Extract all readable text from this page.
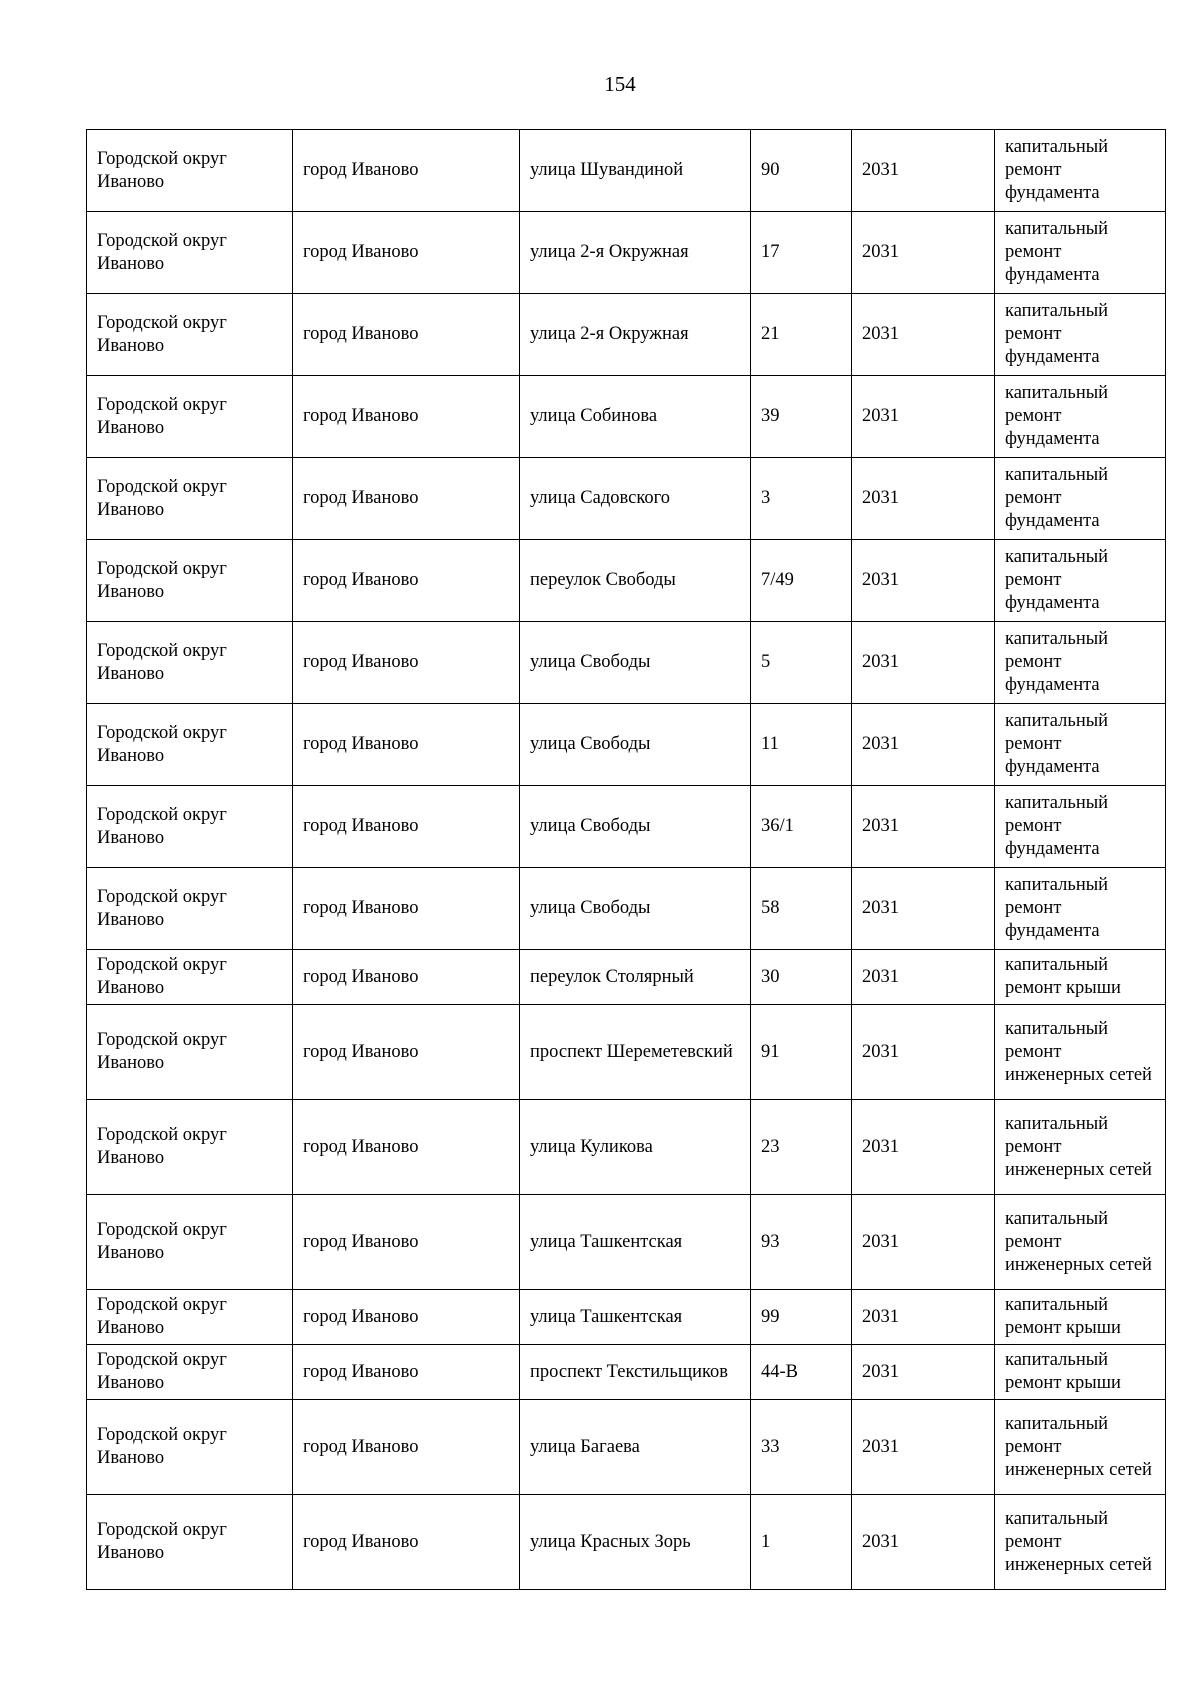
154
Городской округ Иваново	город Иваново	улица Шувандиной	90	2031	капитальный ремонт фундамента
Городской округ Иваново	город Иваново	улица 2-я Окружная	17	2031	капитальный ремонт фундамента
Городской округ Иваново	город Иваново	улица 2-я Окружная	21	2031	капитальный ремонт фундамента
Городской округ Иваново	город Иваново	улица Собинова	39	2031	капитальный ремонт фундамента
Городской округ Иваново	город Иваново	улица Садовского	3	2031	капитальный ремонт фундамента
Городской округ Иваново	город Иваново	переулок Свободы	7/49	2031	капитальный ремонт фундамента
Городской округ Иваново	город Иваново	улица Свободы	5	2031	капитальный ремонт фундамента
Городской округ Иваново	город Иваново	улица Свободы	11	2031	капитальный ремонт фундамента
Городской округ Иваново	город Иваново	улица Свободы	36/1	2031	капитальный ремонт фундамента
Городской округ Иваново	город Иваново	улица Свободы	58	2031	капитальный ремонт фундамента
Городской округ Иваново	город Иваново	переулок Столярный	30	2031	капитальный ремонт крыши
Городской округ Иваново	город Иваново	проспект Шереметевский	91	2031	капитальный ремонт инженерных сетей
Городской округ Иваново	город Иваново	улица Куликова	23	2031	капитальный ремонт инженерных сетей
Городской округ Иваново	город Иваново	улица Ташкентская	93	2031	капитальный ремонт инженерных сетей
Городской округ Иваново	город Иваново	улица Ташкентская	99	2031	капитальный ремонт крыши
Городской округ Иваново	город Иваново	проспект Текстильщиков	44-В	2031	капитальный ремонт крыши
Городской округ Иваново	город Иваново	улица Багаева	33	2031	капитальный ремонт инженерных сетей
Городской округ Иваново	город Иваново	улица Красных Зорь	1	2031	капитальный ремонт инженерных сетей
